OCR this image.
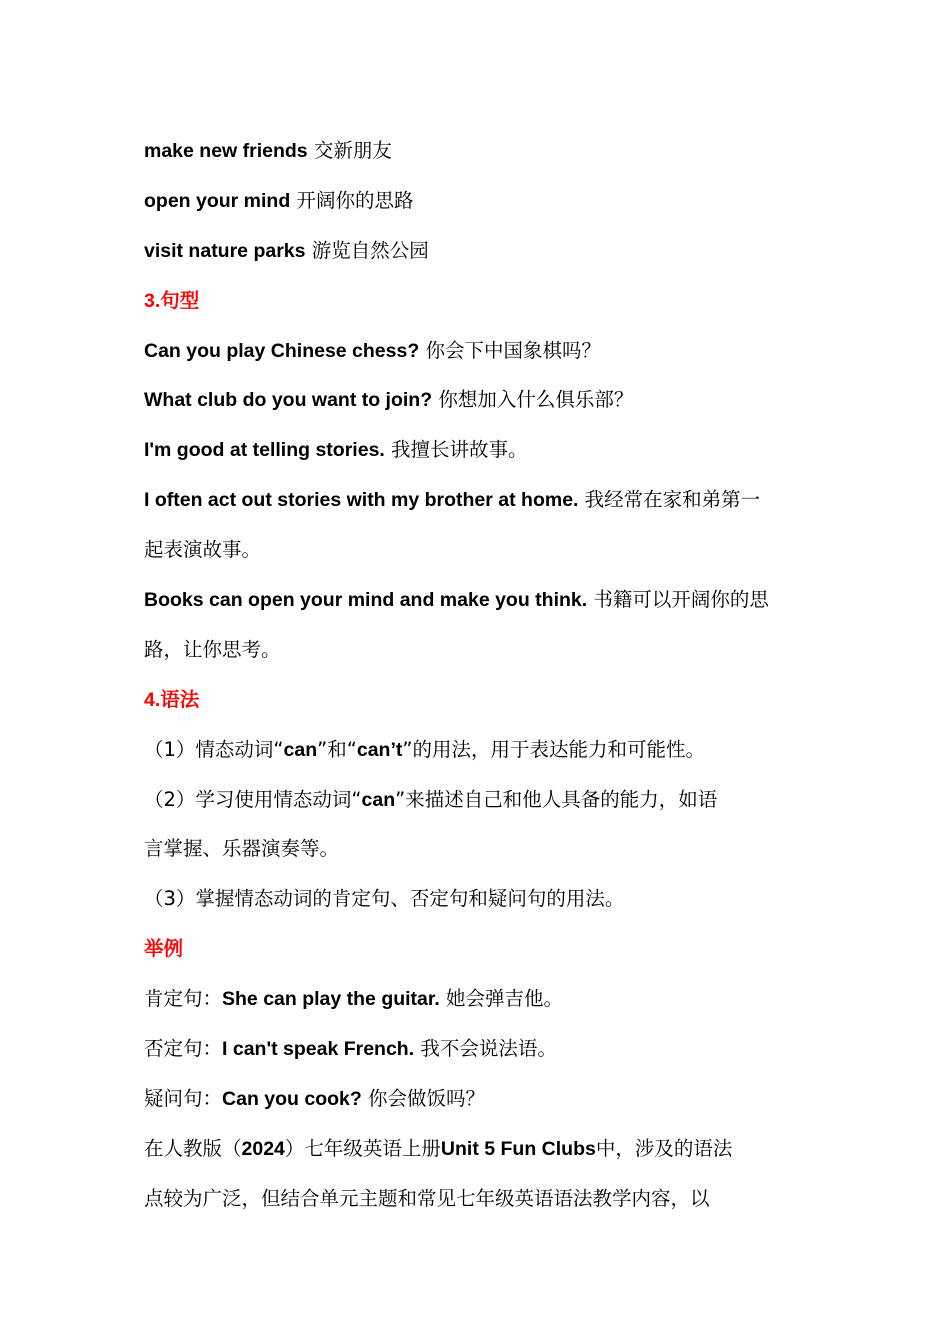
make new friends 交新朋友
open your mind 开阔你的思路
visit nature parks 游览自然公园
3.句型
Can you play Chinese chess? 你会下中国象棋吗？
What club do you want to join? 你想加入什么俱乐部？
I'm good at telling stories. 我擅长讲故事。
I often act out stories with my brother at home. 我经常在家和弟第一
起表演故事。
Books can open your mind and make you think. 书籍可以开阔你的思
路，让你思考。
4.语法
（1）情态动词“can”和“can’t”的用法，用于表达能力和可能性。
（2）学习使用情态动词“can”来描述自己和他人具备的能力，如语
言掌握、乐器演奏等。
（3）掌握情态动词的肯定句、否定句和疑问句的用法。
举例
肯定句：She can play the guitar. 她会弹吉他。
否定句：I can't speak French. 我不会说法语。
疑问句：Can you cook? 你会做饭吗？
在人教版（2024）七年级英语上册Unit 5 Fun Clubs中，涉及的语法
点较为广泛，但结合单元主题和常见七年级英语语法教学内容，以
